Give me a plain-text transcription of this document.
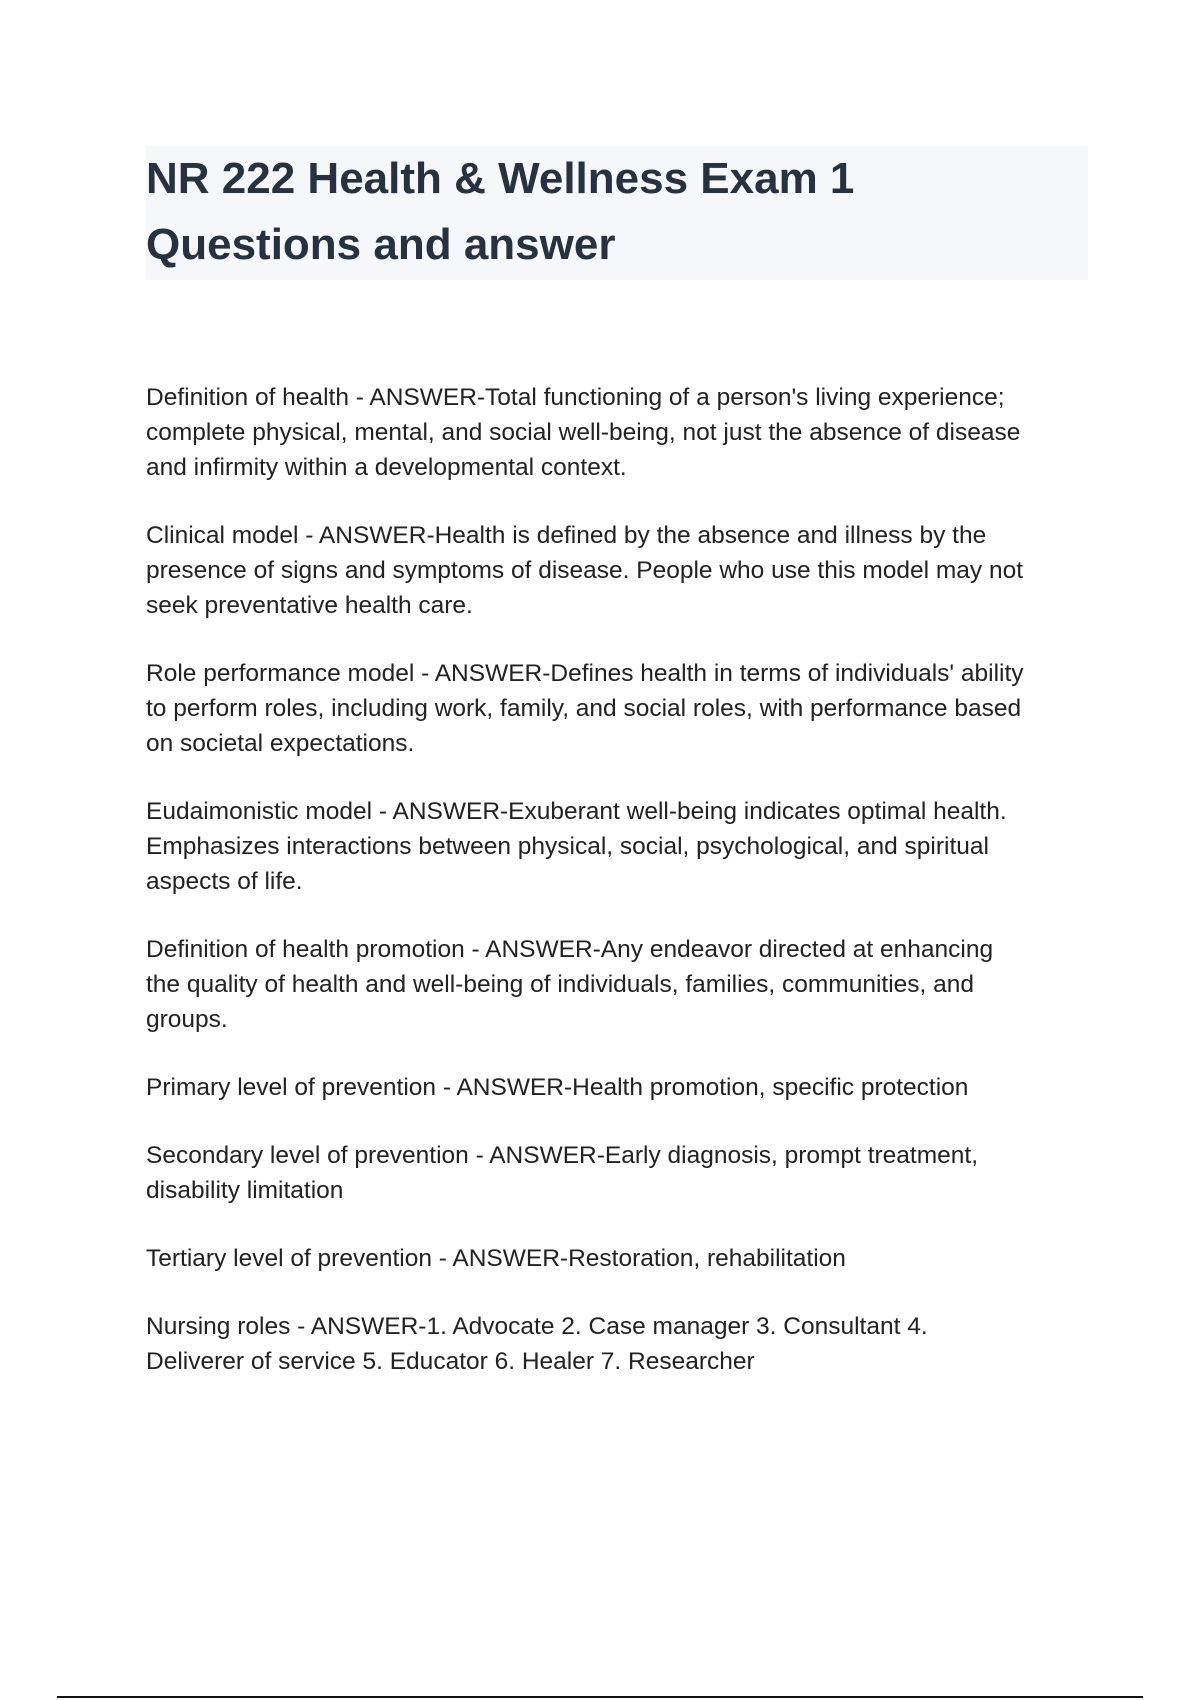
NR 222 Health & Wellness Exam 1
Questions and answer

Definition of health - ANSWER-Total functioning of a person's living experience;
complete physical, mental, and social well-being, not just the absence of disease
and infirmity within a developmental context.

Clinical model - ANSWER-Health is defined by the absence and illness by the
presence of signs and symptoms of disease. People who use this model may not
seek preventative health care.

Role performance model - ANSWER-Defines health in terms of individuals' ability
to perform roles, including work, family, and social roles, with performance based
on societal expectations.

Eudaimonistic model - ANSWER-Exuberant well-being indicates optimal health.
Emphasizes interactions between physical, social, psychological, and spiritual
aspects of life.

Definition of health promotion - ANSWER-Any endeavor directed at enhancing
the quality of health and well-being of individuals, families, communities, and
groups.

Primary level of prevention - ANSWER-Health promotion, specific protection

Secondary level of prevention - ANSWER-Early diagnosis, prompt treatment,
disability limitation

Tertiary level of prevention - ANSWER-Restoration, rehabilitation

Nursing roles - ANSWER-1. Advocate 2. Case manager 3. Consultant 4.
Deliverer of service 5. Educator 6. Healer 7. Researcher
